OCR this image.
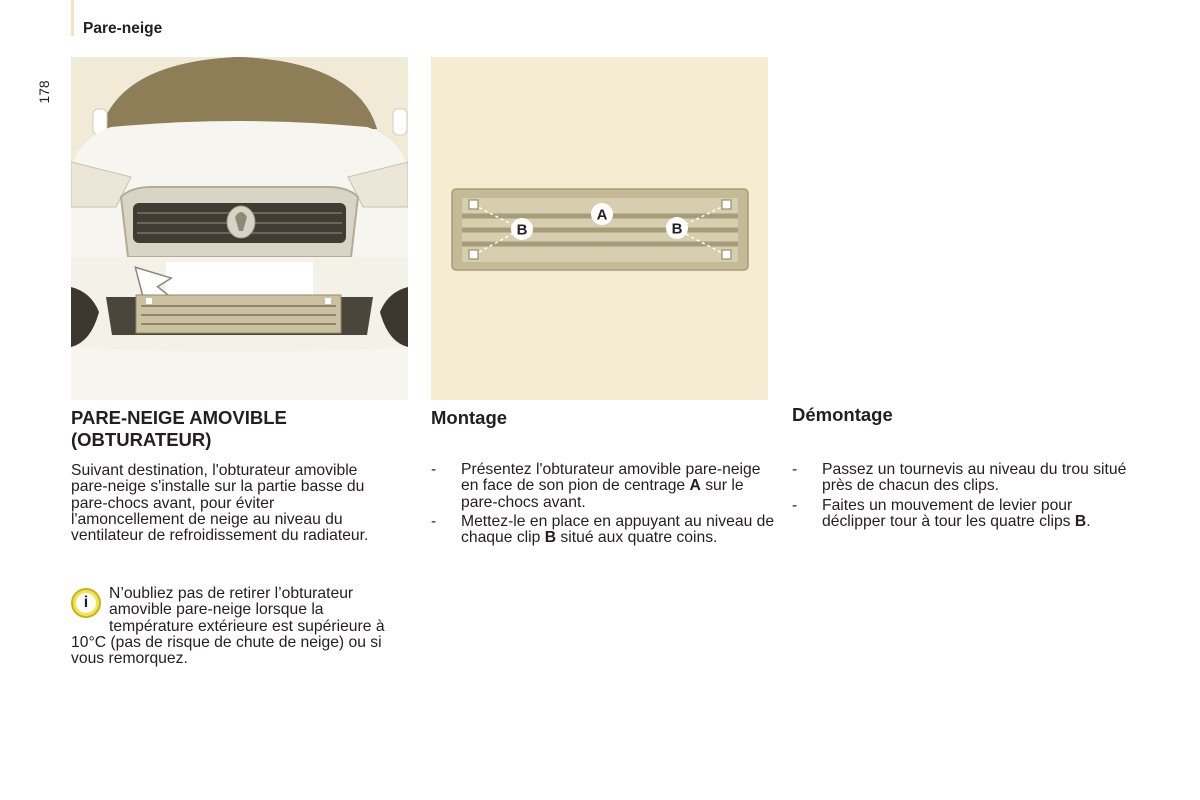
Pare-neige
178
A
B	B
PARE-NEIGE AMOVIBLE (OBTURATEUR)
Suivant destination, l'obturateur amovible pare-neige s'installe sur la partie basse du pare-chocs avant, pour éviter l'amoncellement de neige au niveau du ventilateur de refroidissement du radiateur.
i
N’oubliez pas de retirer l’obturateur amovible pare-neige lorsque la température extérieure est supérieure à 10°C (pas de risque de chute de neige) ou si vous remorquez.
Montage
- Présentez l'obturateur amovible pare-neige en face de son pion de centrage A sur le pare-chocs avant.
- Mettez-le en place en appuyant au niveau de chaque clip B situé aux quatre coins.
Démontage
- Passez un tournevis au niveau du trou situé près de chacun des clips.
- Faites un mouvement de levier pour déclipper tour à tour les quatre clips B.
